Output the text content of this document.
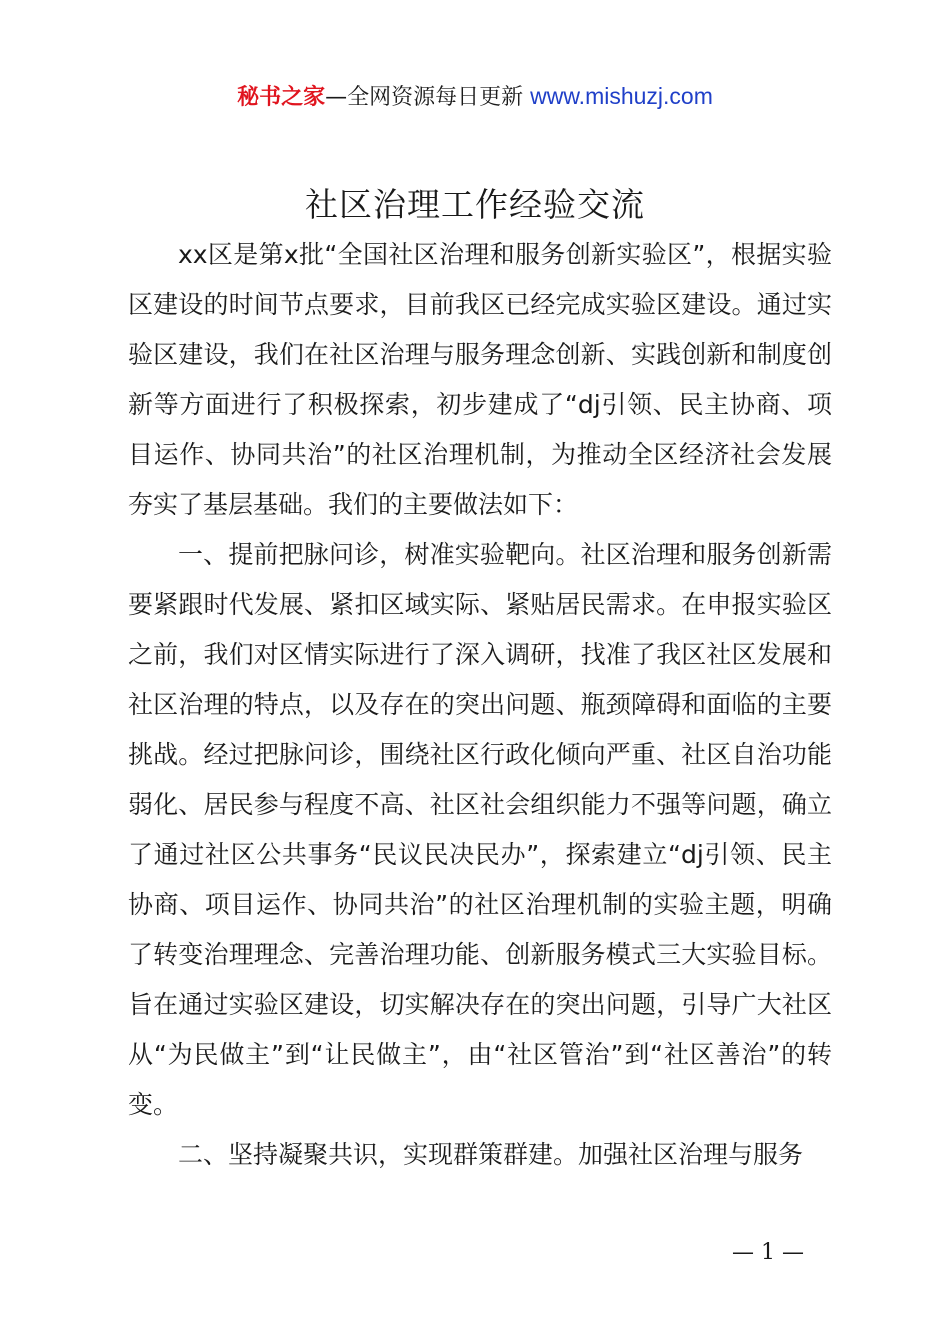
秘书之家—全网资源每日更新 www.mishuzj.com
社区治理工作经验交流

xx区是第x批“全国社区治理和服务创新实验区”，根据实验区建设的时间节点要求，目前我区已经完成实验区建设。通过实验区建设，我们在社区治理与服务理念创新、实践创新和制度创新等方面进行了积极探索，初步建成了“dj引领、民主协商、项目运作、协同共治”的社区治理机制，为推动全区经济社会发展夯实了基层基础。我们的主要做法如下：

一、提前把脉问诊，树准实验靶向。社区治理和服务创新需要紧跟时代发展、紧扣区域实际、紧贴居民需求。在申报实验区之前，我们对区情实际进行了深入调研，找准了我区社区发展和社区治理的特点，以及存在的突出问题、瓶颈障碍和面临的主要挑战。经过把脉问诊，围绕社区行政化倾向严重、社区自治功能弱化、居民参与程度不高、社区社会组织能力不强等问题，确立了通过社区公共事务“民议民决民办”，探索建立“dj引领、民主协商、项目运作、协同共治”的社区治理机制的实验主题，明确了转变治理理念、完善治理功能、创新服务模式三大实验目标。旨在通过实验区建设，切实解决存在的突出问题，引导广大社区从“为民做主”到“让民做主”，由“社区管治”到“社区善治”的转变。

二、坚持凝聚共识，实现群策群建。加强社区治理与服务

— 1 —
